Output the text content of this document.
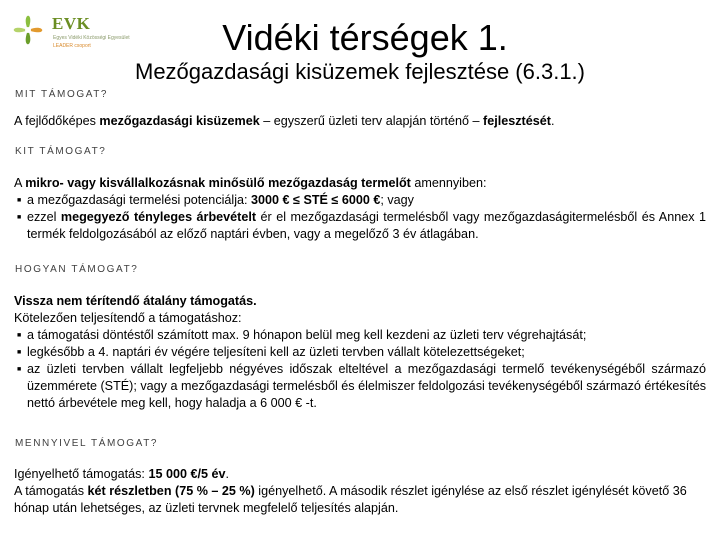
EVK
Egyes Vidéki Közösségi Egyesület
LEADER csoport	Vidéki térségek 1.
Mezőgazdasági kisüzemek fejlesztése (6.3.1.)
MIT TÁMOGAT?

A fejlődőképes mezőgazdasági kisüzemek – egyszerű üzleti terv alapján történő – fejlesztését.

KIT TÁMOGAT?

A mikro- vagy kisvállalkozásnak minősülő mezőgazdaság termelőt amennyiben:

■ a mezőgazdasági termelési potenciálja: 3000 € ≤ STÉ ≤ 6000 €; vagy

■ ezzel megegyező tényleges árbevételt ér el mezőgazdasági termelésből vagy mezőgazdaságitermelésből és Annex 1 termék feldolgozásából az előző naptári évben, vagy a megelőző 3 év átlagában.

HOGYAN TÁMOGAT?

Vissza nem térítendő átalány támogatás.

Kötelezően teljesítendő a támogatáshoz:

■ a támogatási döntéstől számított max. 9 hónapon belül meg kell kezdeni az üzleti terv végrehajtását;

■ legkésőbb a 4. naptári év végére teljesíteni kell az üzleti tervben vállalt kötelezettségeket;

■ az üzleti tervben vállalt legfeljebb négyéves időszak elteltével a mezőgazdasági termelő tevékenységéből származó üzemmérete (STÉ); vagy a mezőgazdasági termelésből és élelmiszer feldolgozási tevékenységéből származó értékesítés nettó árbevétele meg kell, hogy haladja a 6 000 € -t.

MENNYIVEL TÁMOGAT?

Igényelhető támogatás: 15 000 €/5 év.

A támogatás két részletben (75 % – 25 %) igényelhető. A második részlet igénylése az első részlet igénylését követő 36 hónap után lehetséges, az üzleti tervnek megfelelő teljesítés alapján.
